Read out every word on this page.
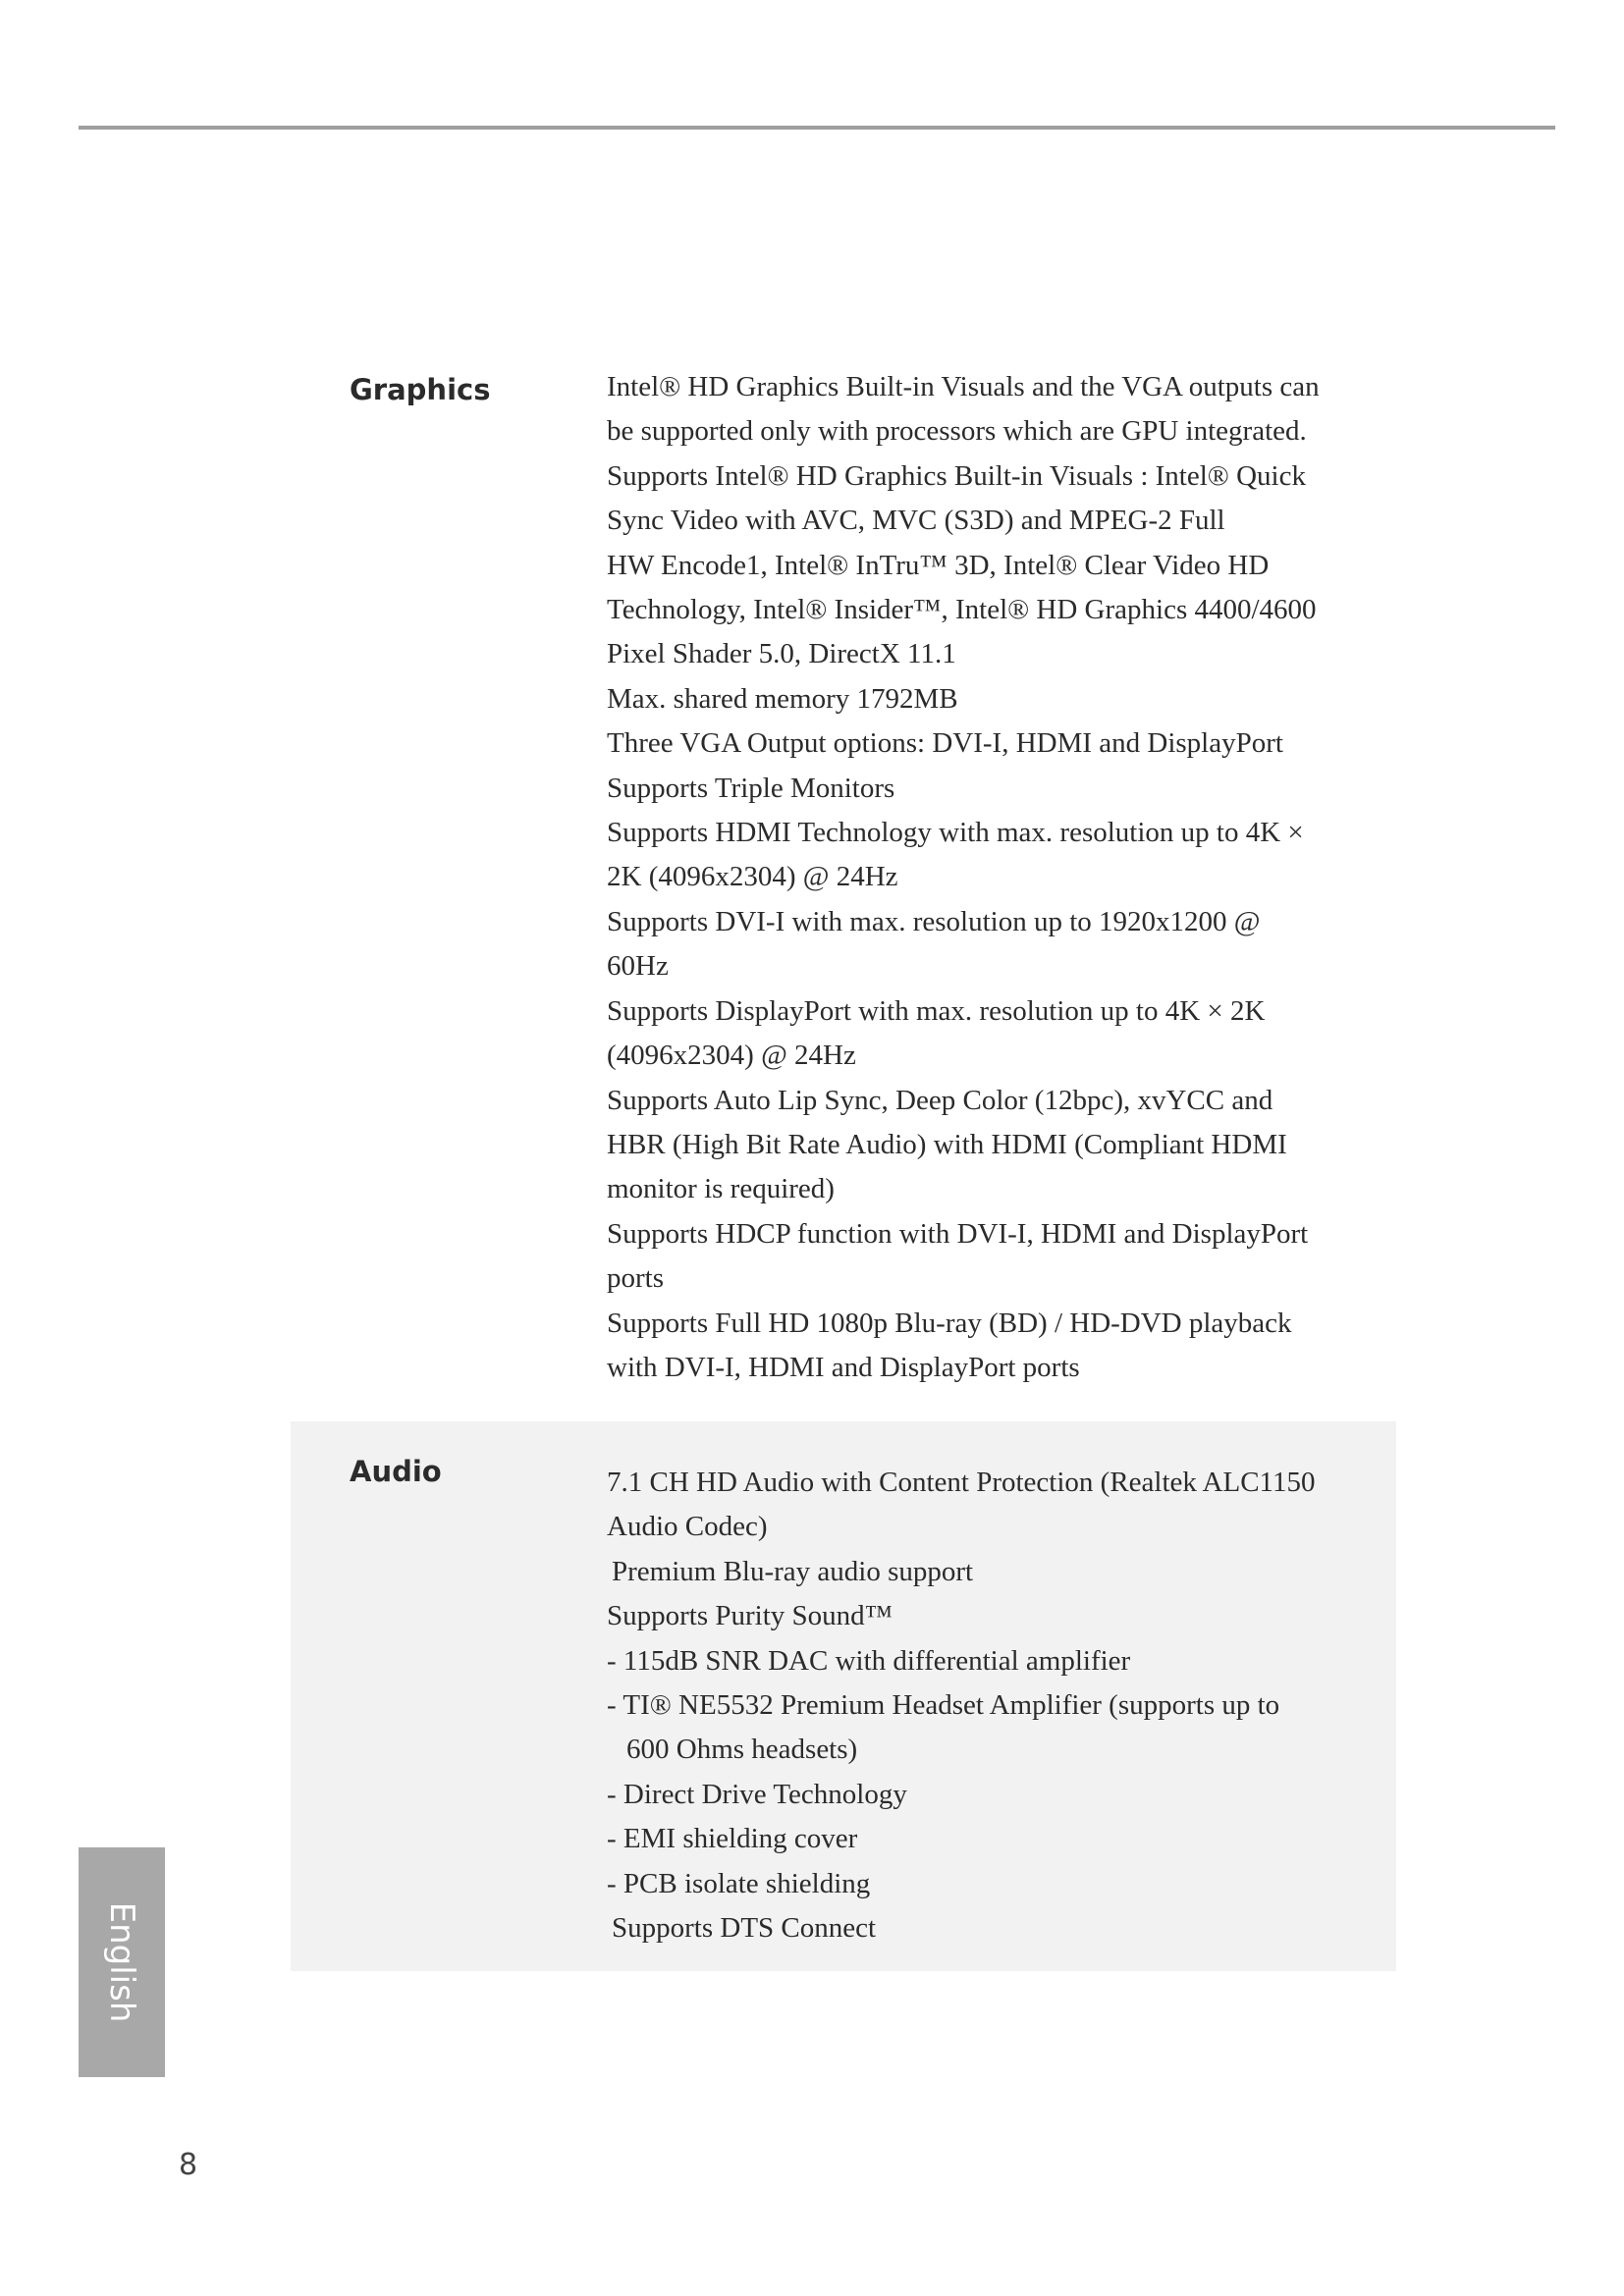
Graphics	Intel® HD Graphics Built-in Visuals and the VGA outputs can
be supported only with processors which are GPU integrated.
Supports Intel® HD Graphics Built-in Visuals : Intel® Quick
Sync Video with AVC, MVC (S3D) and MPEG-2 Full
HW Encode1, Intel® InTru™ 3D, Intel® Clear Video HD
Technology, Intel® Insider™, Intel® HD Graphics 4400/4600
Pixel Shader 5.0, DirectX 11.1
Max. shared memory 1792MB
Three VGA Output options: DVI-I, HDMI and DisplayPort
Supports Triple Monitors
Supports HDMI Technology with max. resolution up to 4K ×
2K (4096x2304) @ 24Hz
Supports DVI-I with max. resolution up to 1920x1200 @
60Hz
Supports DisplayPort with max. resolution up to 4K × 2K
(4096x2304) @ 24Hz
Supports Auto Lip Sync, Deep Color (12bpc), xvYCC and
HBR (High Bit Rate Audio) with HDMI (Compliant HDMI
monitor is required)
Supports HDCP function with DVI-I, HDMI and DisplayPort
ports
Supports Full HD 1080p Blu-ray (BD) / HD-DVD playback
with DVI-I, HDMI and DisplayPort ports
Audio	7.1 CH HD Audio with Content Protection (Realtek ALC1150
Audio Codec)
Premium Blu-ray audio support
Supports Purity Sound™
- 115dB SNR DAC with differential amplifier
- TI® NE5532 Premium Headset Amplifier (supports up to
600 Ohms headsets)
- Direct Drive Technology
- EMI shielding cover
- PCB isolate shielding
Supports DTS Connect
English
8
